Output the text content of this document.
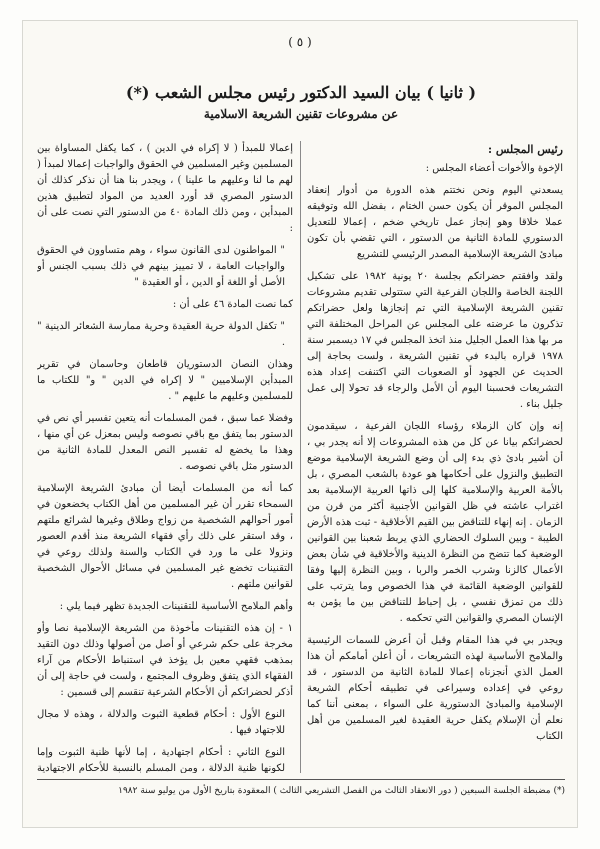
( ٥ )
( ثانيا ) بيان السيد الدكتور رئيس مجلس الشعب (*)
عن مشروعات تقنين الشريعة الاسلامية
رئيس المجلس :

الإخوة والأخوات أعضاء المجلس :

يسعدني اليوم ونحن نختتم هذه الدورة من أدوار إنعقاد المجلس الموقر أن يكون حسن الختام ، بفضل الله وتوفيقه عملا خلاقا وهو إنجاز عمل تاريخي ضخم ، إعمالا للتعديل الدستوري للمادة الثانية من الدستور ، التي تقضي بأن تكون مبادئ الشريعة الإسلامية المصدر الرئيسي للتشريع

ولقد وافقتم حضراتكم بجلسة ٢٠ يونية ١٩٨٢ على تشكيل اللجنة الخاصة واللجان الفرعية التي ستتولى تقديم مشروعات تقنين الشريعة الإسلامية التي تم إنجازها ولعل حضراتكم تذكرون ما عرضته على المجلس عن المراحل المختلفة التي مر بها هذا العمل الجليل منذ اتخذ المجلس في ١٧ ديسمبر سنة ١٩٧٨ قراره بالبدء في تقنين الشريعة ، ولست بحاجة إلى الحديث عن الجهود أو الصعوبات التي اكتنفت إعداد هذه التشريعات فحسبنا اليوم أن الأمل والرجاء قد تحولا إلى عمل جليل بناء .

إنه وإن كان الزملاء رؤساء اللجان الفرعية ، سيقدمون لحضراتكم بيانا عن كل من هذه المشروعات إلا أنه يجدر بي ، أن أشير بادئ ذي بدء إلى أن وضع الشريعة الإسلامية موضع التطبيق والنزول على أحكامها هو عودة بالشعب المصري ، بل بالأمة العربية والإسلامية كلها إلى ذاتها العربية الإسلامية بعد اغتراب عاشته في ظل القوانين الأجنبية أكثر من قرن من الزمان . إنه إنهاء للتناقض بين القيم الأخلاقية - ثبت هذه الأرض الطيبة - وبين السلوك الحضاري الذي يربط شعبنا بين القوانين الوضعية كما تتضح من النظرة الدينية والأخلاقية في شأن بعض الأعمال كالزنا وشرب الخمر والربا ، وبين النظرة إليها وفقا للقوانين الوضعية القائمة في هذا الخصوص وما يترتب على ذلك من تمزق نفسي ، بل إحباط للتناقض بين ما يؤمن به الإنسان المصري والقوانين التي تحكمه .

ويجدر بي في هذا المقام وقبل أن أعرض للسمات الرئيسية والملامح الأساسية لهذه التشريعات ، أن أعلن أمامكم أن هذا العمل الذي أنجزناه إعمالا للمادة الثانية من الدستور ، قد روعي في إعداده وسيراعى في تطبيقه أحكام الشريعة الإسلامية والمبادئ الدستورية على السواء ، بمعنى أننا كما نعلم أن الإسلام يكفل حرية العقيدة لغير المسلمين من أهل الكتاب

إعمالا للمبدأ ( لا إكراه في الدين ) ، كما يكفل المساواة بين المسلمين وغير المسلمين في الحقوق والواجبات إعمالا لمبدأ ( لهم ما لنا وعليهم ما علينا ) ، ويجدر بنا هنا أن نذكر كذلك أن الدستور المصري قد أورد العديد من المواد لتطبيق هذين المبدأين ، ومن ذلك المادة ٤٠ من الدستور التي نصت على أن :

" المواطنون لدى القانون سواء ، وهم متساوون في الحقوق والواجبات العامة ، لا تمييز بينهم في ذلك بسبب الجنس أو الأصل أو اللغة أو الدين ، أو العقيدة "

كما نصت المادة ٤٦ على أن :

" تكفل الدولة حرية العقيدة وحرية ممارسة الشعائر الدينية " .

وهذان النصان الدستوريان قاطعان وحاسمان في تقرير المبدأين الإسلاميين " لا إكراه في الدين " و" للكتاب ما للمسلمين وعليهم ما عليهم " .

وفضلا عما سبق ، فمن المسلمات أنه يتعين تفسير أي نص في الدستور بما يتفق مع باقي نصوصه وليس بمعزل عن أي منها ، وهذا ما يخضع له تفسير النص المعدل للمادة الثانية من الدستور مثل باقي نصوصه .

كما أنه من المسلمات أيضا أن مبادئ الشريعة الإسلامية السمحاء تقرر أن غير المسلمين من أهل الكتاب يخضعون في أمور أحوالهم الشخصية من زواج وطلاق وغيرها لشرائع ملتهم ، وقد استقر على ذلك رأي فقهاء الشريعة منذ أقدم العصور ونزولا على ما ورد في الكتاب والسنة ولذلك روعي في التقنينات تخضع غير المسلمين في مسائل الأحوال الشخصية لقوانين ملتهم .

وأهم الملامح الأساسية للتقنينات الجديدة تظهر فيما يلي :

١ - إن هذه التقنينات مأخوذة من الشريعة الإسلامية نصا وأو مخرجة على حكم شرعي أو أصل من أصولها وذلك دون التقيد بمذهب فقهي معين بل يؤخذ في استنباط الأحكام من آراء الفقهاء الذي يتفق وظروف المجتمع ، ولست في حاجة إلى أن أذكر لحضراتكم أن الأحكام الشرعية تنقسم إلى قسمين :

النوع الأول : أحكام قطعية الثبوت والدلالة ، وهذه لا مجال للاجتهاد فيها .

النوع الثاني : أحكام اجتهادية ، إما لأنها ظنية الثبوت وإما لكونها ظنية الدلالة ، ومن المسلم بالنسبة للأحكام الاجتهادية

(*) مضبطة الجلسة السبعين ( دور الانعقاد الثالث من الفصل التشريعي الثالث ) المعقودة بتاريخ الأول من يوليو سنة ١٩٨٢
